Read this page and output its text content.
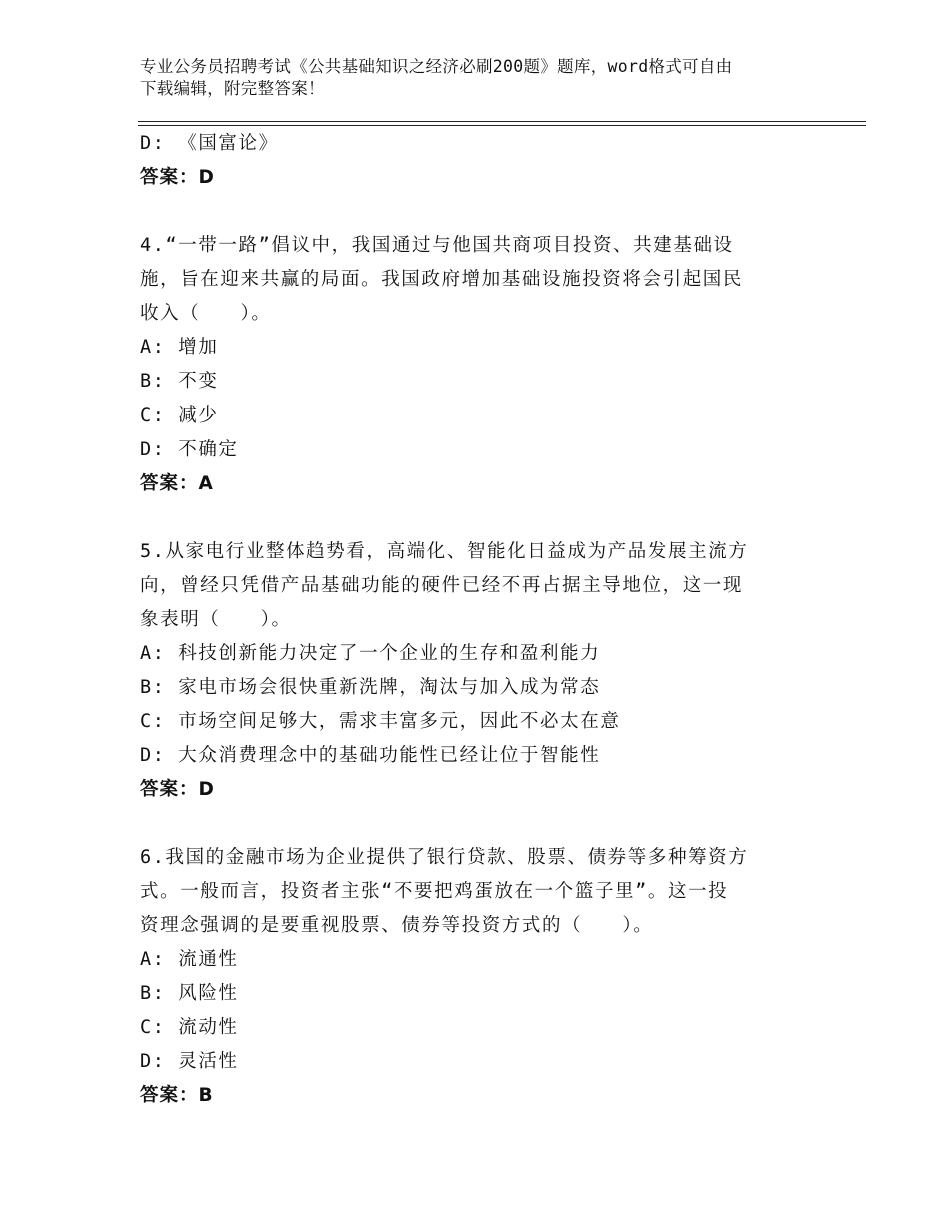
专业公务员招聘考试《公共基础知识之经济必刷200题》题库，word格式可自由
下载编辑，附完整答案！
D: 《国富论》
答案：D
4.“一带一路”倡议中，我国通过与他国共商项目投资、共建基础设
施，旨在迎来共赢的局面。我国政府增加基础设施投资将会引起国民
收入（　　）。
A: 增加
B: 不变
C: 减少
D: 不确定
答案：A
5.从家电行业整体趋势看，高端化、智能化日益成为产品发展主流方
向，曾经只凭借产品基础功能的硬件已经不再占据主导地位，这一现
象表明（　　）。
A: 科技创新能力决定了一个企业的生存和盈利能力
B: 家电市场会很快重新洗牌，淘汰与加入成为常态
C: 市场空间足够大，需求丰富多元，因此不必太在意
D: 大众消费理念中的基础功能性已经让位于智能性
答案：D
6.我国的金融市场为企业提供了银行贷款、股票、债券等多种筹资方
式。一般而言，投资者主张“不要把鸡蛋放在一个篮子里”。这一投
资理念强调的是要重视股票、债券等投资方式的（　　）。
A: 流通性
B: 风险性
C: 流动性
D: 灵活性
答案：B
